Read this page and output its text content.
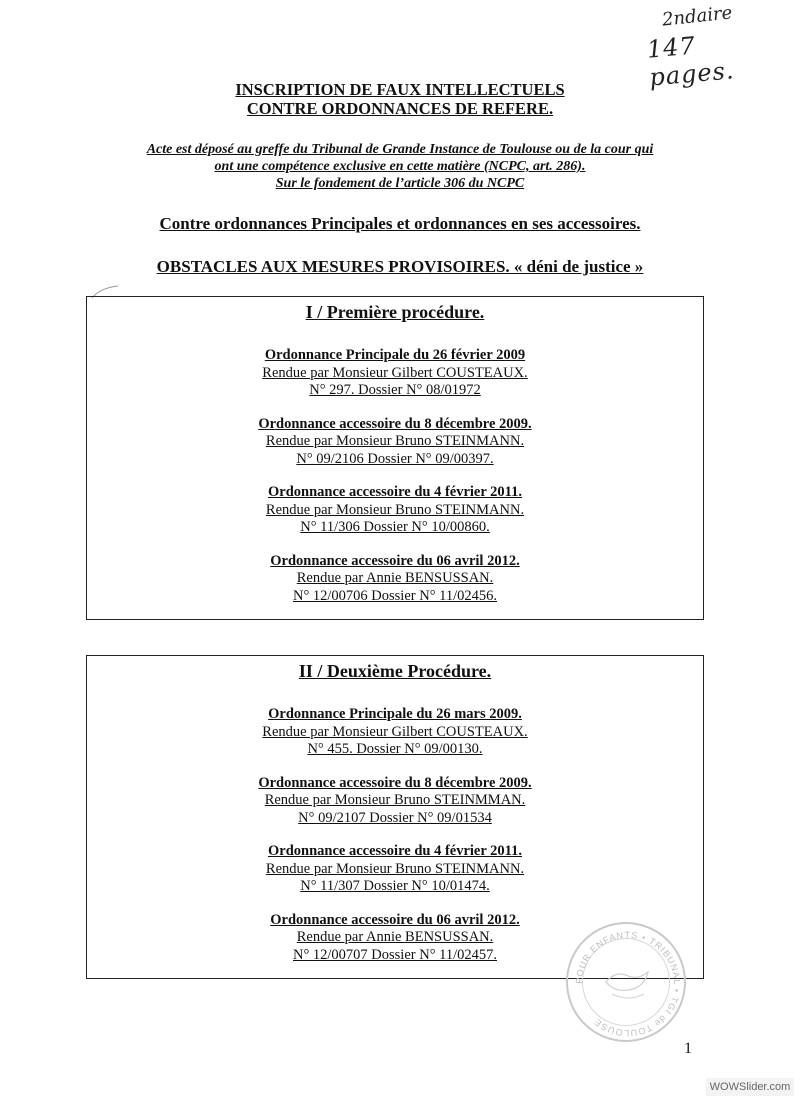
2ndaire
147 pages.
INSCRIPTION DE FAUX INTELLECTUELS
CONTRE ORDONNANCES DE REFERE.
Acte est déposé au greffe du Tribunal de Grande Instance de Toulouse ou de la cour qui
ont une compétence exclusive en cette matière (NCPC, art. 286).
Sur le fondement de l’article 306 du NCPC
Contre ordonnances Principales et ordonnances en ses accessoires.
OBSTACLES AUX MESURES PROVISOIRES. « déni de justice »
I / Première procédure.
Ordonnance Principale du 26 février 2009
Rendue par Monsieur Gilbert COUSTEAUX.
N° 297. Dossier N° 08/01972
Ordonnance accessoire du 8 décembre 2009.
Rendue par Monsieur Bruno STEINMANN.
N° 09/2106 Dossier N° 09/00397.
Ordonnance accessoire du 4 février 2011.
Rendue par Monsieur Bruno STEINMANN.
N° 11/306 Dossier N° 10/00860.
Ordonnance accessoire du 06 avril 2012.
Rendue par Annie BENSUSSAN.
N° 12/00706 Dossier N° 11/02456.
II / Deuxième Procédure.
Ordonnance Principale du 26 mars 2009.
Rendue par Monsieur Gilbert COUSTEAUX.
N° 455. Dossier N° 09/00130.
Ordonnance accessoire du 8 décembre 2009.
Rendue par Monsieur Bruno STEINMMAN.
N° 09/2107 Dossier N° 09/01534
Ordonnance accessoire du 4 février 2011.
Rendue par Monsieur Bruno STEINMANN.
N° 11/307 Dossier N° 10/01474.
Ordonnance accessoire du 06 avril 2012.
Rendue par Annie BENSUSSAN.
N° 12/00707 Dossier N° 11/02457.
POUR ENFANTS • TRIBUNAL • TGI de TOULOUSE
1
WOWSlider.com
